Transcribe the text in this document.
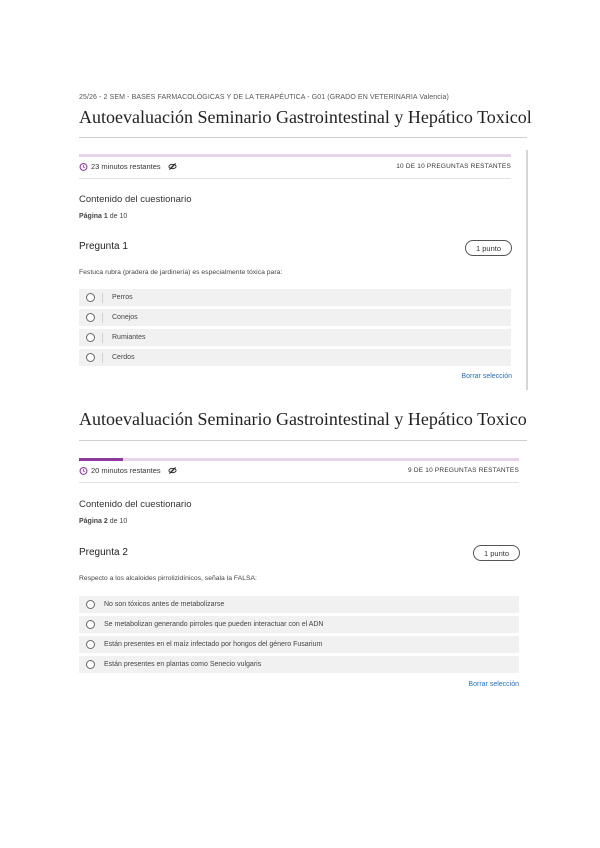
25/26 - 2 SEM - BASES FARMACOLÓGICAS Y DE LA TERAPÉUTICA - G01 (GRADO EN VETERINARIA Valencia)
Autoevaluación Seminario Gastrointestinal y Hepático Toxicol
23 minutos restantes	10 DE 10 PREGUNTAS RESTANTES
Contenido del cuestionario
Página 1 de 10
Pregunta 1	1 punto
Festuca rubra (pradera de jardinería) es especialmente tóxica para:
Perros
Conejos
Rumiantes
Cerdos
Borrar selección
Autoevaluación Seminario Gastrointestinal y Hepático Toxico
20 minutos restantes	9 DE 10 PREGUNTAS RESTANTES
Contenido del cuestionario
Página 2 de 10
Pregunta 2	1 punto
Respecto a los alcaloides pirrolizidínicos, señala la FALSA:
No son tóxicos antes de metabolizarse
Se metabolizan generando pirroles que pueden interactuar con el ADN
Están presentes en el maíz infectado por hongos del género Fusarium
Están presentes en plantas como Senecio vulgaris
Borrar selección
